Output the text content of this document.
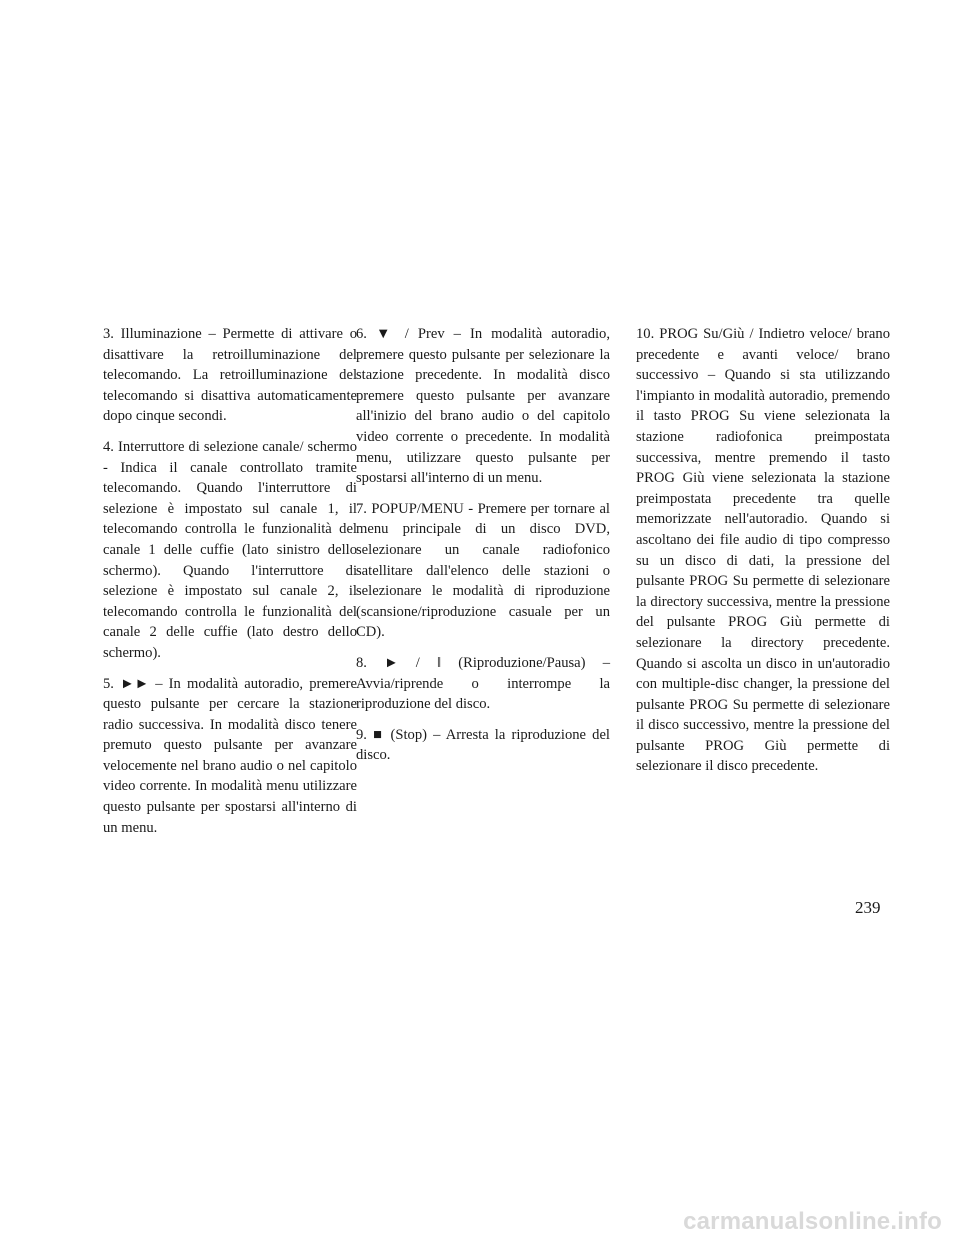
3. Illuminazione – Permette di attivare o disattivare la retroilluminazione del telecomando. La retroilluminazione del telecomando si disattiva automaticamente dopo cinque secondi.

4. Interruttore di selezione canale/ schermo - Indica il canale controllato tramite telecomando. Quando l'interruttore di selezione è impostato sul canale 1, il telecomando controlla le funzionalità del canale 1 delle cuffie (lato sinistro dello schermo). Quando l'interruttore di selezione è impostato sul canale 2, il telecomando controlla le funzionalità del canale 2 delle cuffie (lato destro dello schermo).

5. ►► – In modalità autoradio, premere questo pulsante per cercare la stazione radio successiva. In modalità disco tenere premuto questo pulsante per avanzare velocemente nel brano audio o nel capitolo video corrente. In modalità menu utilizzare questo pulsante per spostarsi all'interno di un menu.

6. ▼ / Prev – In modalità autoradio, premere questo pulsante per selezionare la stazione precedente. In modalità disco premere questo pulsante per avanzare all'inizio del brano audio o del capitolo video corrente o precedente. In modalità menu, utilizzare questo pulsante per spostarsi all'interno di un menu.

7. POPUP/MENU - Premere per tornare al menu principale di un disco DVD, selezionare un canale radiofonico satellitare dall'elenco delle stazioni o selezionare le modalità di riproduzione (scansione/riproduzione casuale per un CD).

8. ► / ‖ (Riproduzione/Pausa) – Avvia/riprende o interrompe la riproduzione del disco.

9. ■ (Stop) – Arresta la riproduzione del disco.

10. PROG Su/Giù / Indietro veloce/ brano precedente e avanti veloce/ brano successivo – Quando si sta utilizzando l'impianto in modalità autoradio, premendo il tasto PROG Su viene selezionata la stazione radiofonica preimpostata successiva, mentre premendo il tasto PROG Giù viene selezionata la stazione preimpostata precedente tra quelle memorizzate nell'autoradio. Quando si ascoltano dei file audio di tipo compresso su un disco di dati, la pressione del pulsante PROG Su permette di selezionare la directory successiva, mentre la pressione del pulsante PROG Giù permette di selezionare la directory precedente. Quando si ascolta un disco in un'autoradio con multiple-disc changer, la pressione del pulsante PROG Su permette di selezionare il disco successivo, mentre la pressione del pulsante PROG Giù permette di selezionare il disco precedente.

239
carmanualsonline.info
